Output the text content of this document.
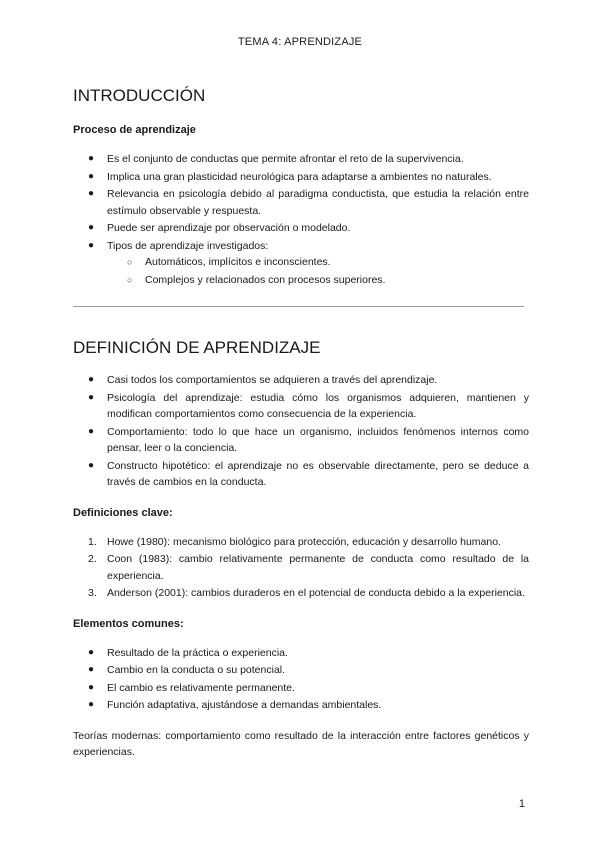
TEMA 4: APRENDIZAJE
INTRODUCCIÓN
Proceso de aprendizaje
● Es el conjunto de conductas que permite afrontar el reto de la supervivencia.
● Implica una gran plasticidad neurológica para adaptarse a ambientes no naturales.
● Relevancia en psicología debido al paradigma conductista, que estudia la relación entre estímulo observable y respuesta.
● Puede ser aprendizaje por observación o modelado.
● Tipos de aprendizaje investigados:
○ Automáticos, implícitos e inconscientes.
○ Complejos y relacionados con procesos superiores.
DEFINICIÓN DE APRENDIZAJE
● Casi todos los comportamientos se adquieren a través del aprendizaje.
● Psicología del aprendizaje: estudia cómo los organismos adquieren, mantienen y modifican comportamientos como consecuencia de la experiencia.
● Comportamiento: todo lo que hace un organismo, incluidos fenómenos internos como pensar, leer o la conciencia.
● Constructo hipotético: el aprendizaje no es observable directamente, pero se deduce a través de cambios en la conducta.
Definiciones clave:
1. Howe (1980): mecanismo biológico para protección, educación y desarrollo humano.
2. Coon (1983): cambio relativamente permanente de conducta como resultado de la experiencia.
3. Anderson (2001): cambios duraderos en el potencial de conducta debido a la experiencia.
Elementos comunes:
● Resultado de la práctica o experiencia.
● Cambio en la conducta o su potencial.
● El cambio es relativamente permanente.
● Función adaptativa, ajustándose a demandas ambientales.

Teorías modernas: comportamiento como resultado de la interacción entre factores genéticos y experiencias.

1
